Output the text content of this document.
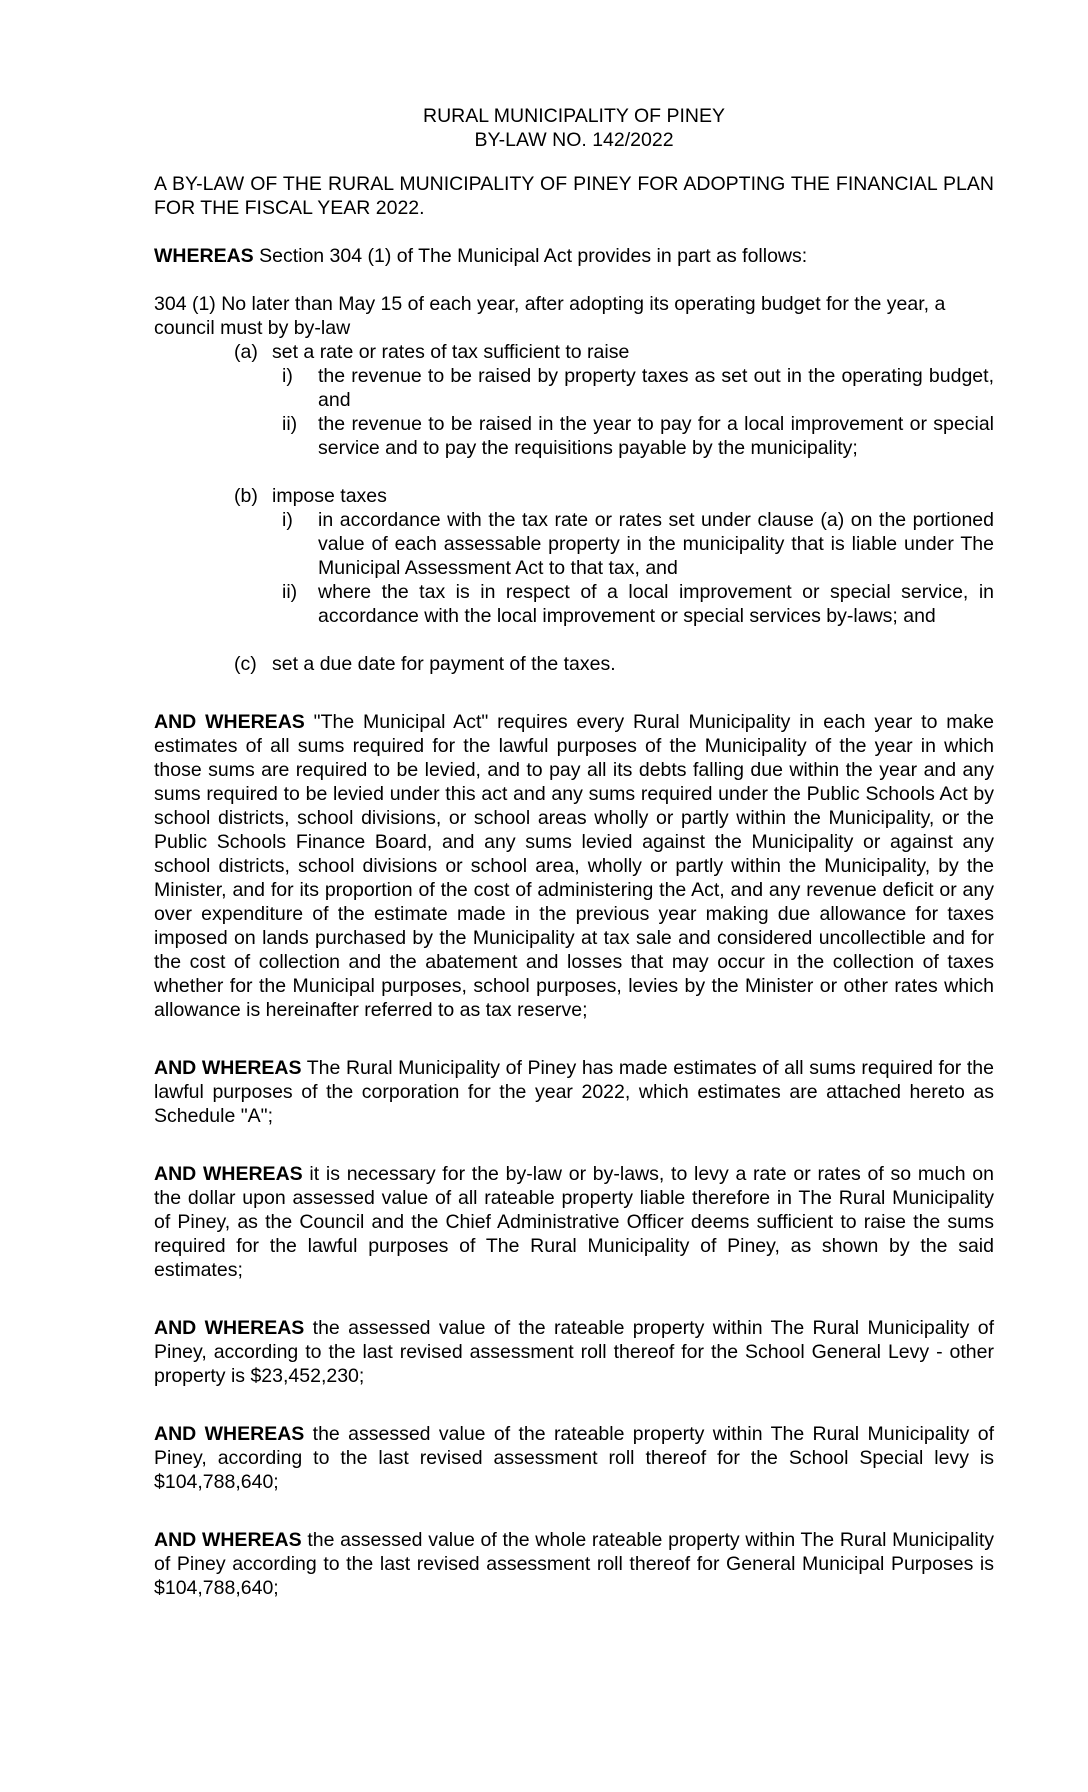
RURAL MUNICIPALITY OF PINEY

BY-LAW NO. 142/2022

A BY-LAW OF THE RURAL MUNICIPALITY OF PINEY FOR ADOPTING THE FINANCIAL PLAN FOR THE FISCAL YEAR 2022.

WHEREAS Section 304 (1) of The Municipal Act provides in part as follows:

304 (1) No later than May 15 of each year, after adopting its operating budget for the year, a council must by by-law

(a) set a rate or rates of tax sufficient to raise
i) the revenue to be raised by property taxes as set out in the operating budget, and
ii) the revenue to be raised in the year to pay for a local improvement or special service and to pay the requisitions payable by the municipality;
(b) impose taxes
i) in accordance with the tax rate or rates set under clause (a) on the portioned value of each assessable property in the municipality that is liable under The Municipal Assessment Act to that tax, and
ii) where the tax is in respect of a local improvement or special service, in accordance with the local improvement or special services by-laws; and
(c) set a due date for payment of the taxes.

AND WHEREAS "The Municipal Act" requires every Rural Municipality in each year to make estimates of all sums required for the lawful purposes of the Municipality of the year in which those sums are required to be levied, and to pay all its debts falling due within the year and any sums required to be levied under this act and any sums required under the Public Schools Act by school districts, school divisions, or school areas wholly or partly within the Municipality, or the Public Schools Finance Board, and any sums levied against the Municipality or against any school districts, school divisions or school area, wholly or partly within the Municipality, by the Minister, and for its proportion of the cost of administering the Act, and any revenue deficit or any over expenditure of the estimate made in the previous year making due allowance for taxes imposed on lands purchased by the Municipality at tax sale and considered uncollectible and for the cost of collection and the abatement and losses that may occur in the collection of taxes whether for the Municipal purposes, school purposes, levies by the Minister or other rates which allowance is hereinafter referred to as tax reserve;

AND WHEREAS The Rural Municipality of Piney has made estimates of all sums required for the lawful purposes of the corporation for the year 2022, which estimates are attached hereto as Schedule "A";

AND WHEREAS it is necessary for the by-law or by-laws, to levy a rate or rates of so much on the dollar upon assessed value of all rateable property liable therefore in The Rural Municipality of Piney, as the Council and the Chief Administrative Officer deems sufficient to raise the sums required for the lawful purposes of The Rural Municipality of Piney, as shown by the said estimates;

AND WHEREAS the assessed value of the rateable property within The Rural Municipality of Piney, according to the last revised assessment roll thereof for the School General Levy - other property is $23,452,230;

AND WHEREAS the assessed value of the rateable property within The Rural Municipality of Piney, according to the last revised assessment roll thereof for the School Special levy is $104,788,640;

AND WHEREAS the assessed value of the whole rateable property within The Rural Municipality of Piney according to the last revised assessment roll thereof for General Municipal Purposes is $104,788,640;
